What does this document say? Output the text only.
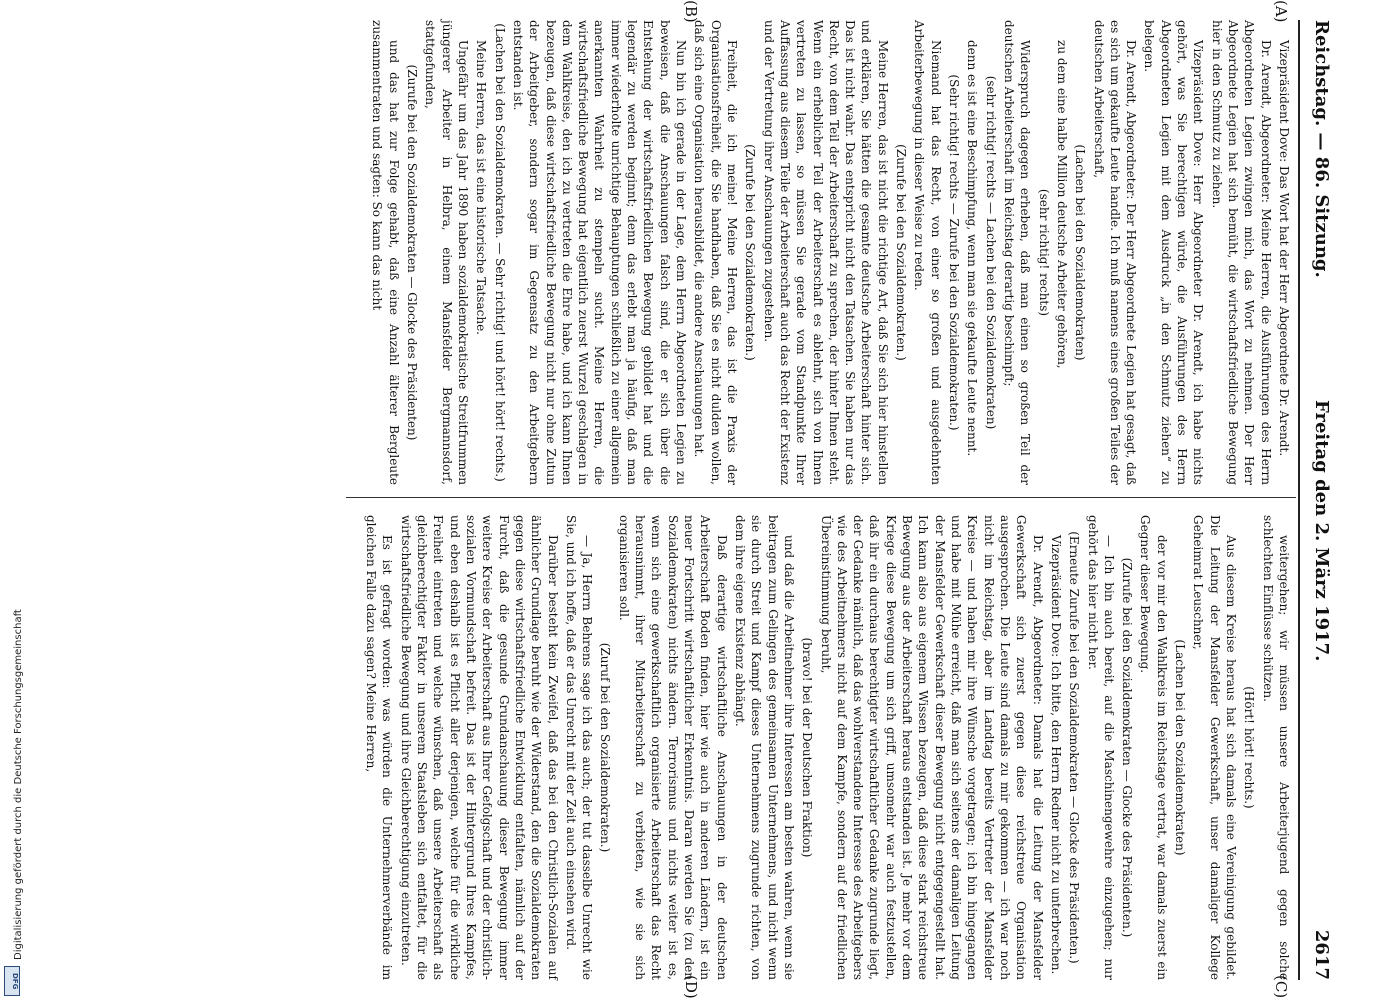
Reichstag. — 86. Sitzung.
Freitag den 2. März 1917.
2617
(A)
(B)
(C)
(D)

Vizepräsident Dove: Das Wort hat der Herr Abgeordnete Dr. Arendt.

Dr. Arendt, Abgeordneter: Meine Herren, die Ausführungen des Herrn Abgeordneten Legien zwingen mich, das Wort zu nehmen. Der Herr Abgeordnete Legien hat sich bemüht, die wirtschaftsfriedliche Bewegung hier in den Schmutz zu ziehen.

Vizepräsident Dove: Herr Abgeordneter Dr. Arendt, ich habe nichts gehört, was Sie berechtigen würde, die Ausführungen des Herrn Abgeordneten Legien mit dem Ausdruck „in den Schmutz ziehen“ zu belegen.

Dr. Arendt, Abgeordneter: Der Herr Abgeordnete Legien hat gesagt, daß es sich um gekaufte Leute handle. Ich muß namens eines großen Teiles der deutschen Arbeiterschaft,

(Lachen bei den Sozialdemokraten)

zu dem eine halbe Million deutsche Arbeiter gehören,

(sehr richtig! rechts)

Widerspruch dagegen erheben, daß man einen so großen Teil der deutschen Arbeiterschaft im Reichstag derartig beschimpft;

(sehr richtig! rechts — Lachen bei den Sozialdemokraten)

denn es ist eine Beschimpfung, wenn man sie gekaufte Leute nennt.

(Sehr richtig! rechts — Zurufe bei den Sozialdemokraten.)

Niemand hat das Recht, von einer so großen und ausgedehnten Arbeiterbewegung in dieser Weise zu reden.

(Zurufe bei den Sozialdemokraten.)

Meine Herren, das ist nicht die richtige Art, daß Sie sich hier hinstellen und erklären, Sie hätten die gesamte deutsche Arbeiterschaft hinter sich. Das ist nicht wahr. Das entspricht nicht den Tatsachen. Sie haben nur das Recht, von dem Teil der Arbeiterschaft zu sprechen, der hinter Ihnen steht. Wenn ein erheblicher Teil der Arbeiterschaft es ablehnt, sich von Ihnen vertreten zu lassen, so müssen Sie gerade vom Standpunkte Ihrer Auffassung aus diesem Teile der Arbeiterschaft auch das Recht der Existenz und der Vertretung ihrer Anschauungen zugestehen.

(Zurufe bei den Sozialdemokraten.)

Freiheit, die ich meine! Meine Herren, das ist die Praxis der Organisationsfreiheit, die Sie handhaben, daß Sie es nicht dulden wollen, daß sich eine Organisation herausbildet, die andere Anschauungen hat.

Nun bin ich gerade in der Lage, dem Herrn Abgeordneten Legien zu beweisen, daß die Anschauungen falsch sind, die er sich über die Entstehung der wirtschaftsfriedlichen Bewegung gebildet hat und die legendär zu werden beginnt; denn das erlebt man ja häufig, daß man immer wiederholte unrichtige Behauptungen schließlich zu einer allgemein anerkannten Wahrheit zu stempeln sucht. Meine Herren, die wirtschaftsfriedliche Bewegung hat eigentlich zuerst Wurzel geschlagen in dem Wahlkreise, den ich zu vertreten die Ehre habe, und ich kann Ihnen bezeugen, daß diese wirtschaftsfriedliche Bewegung nicht nur ohne Zutun der Arbeitgeber, sondern sogar im Gegensatz zu den Arbeitgebern entstanden ist.

(Lachen bei den Sozialdemokraten. — Sehr richtig! und hört! hört! rechts.)

Meine Herren, das ist eine historische Tatsache.

Ungefähr um das Jahr 1890 haben sozialdemokratische Streitfrummen jüngerer Arbeiter in Helbra, einem Mansfelder Bergmannsdorf, stattgefunden,

(Zurufe bei den Sozialdemokraten — Glocke des Präsidenten)

und das hat zur Folge gehabt, daß eine Anzahl älterer Bergleute zusammentraten und sagten: So kann das nicht

weitergehen; wir müssen unsere Arbeiterjugend gegen solche schlechten Einflüsse schützen.

(Hört! hört! rechts.)

Aus diesem Kreise heraus hat sich damals eine Vereinigung gebildet. Die Leitung der Mansfelder Gewerkschaft, unser damaliger Kollege Geheimrat Leuschner,

(Lachen bei den Sozialdemokraten)

der vor mir den Wahlkreis im Reichstage vertrat, war damals zuerst ein Gegner dieser Bewegung.

(Zurufe bei den Sozialdemokraten — Glocke des Präsidenten.)

— Ich bin auch bereit, auf die Maschinengewehre einzugehen; nur gehört das hier nicht her.

(Erneute Zurufe bei den Sozialdemokraten — Glocke des Präsidenten.)

Vizepräsident Dove: Ich bitte, den Herrn Redner nicht zu unterbrechen.

Dr. Arendt, Abgeordneter: Damals hat die Leitung der Mansfelder Gewerkschaft sich zuerst gegen diese reichstreue Organisation ausgesprochen. Die Leute sind damals zu mir gekommen — ich war noch nicht im Reichstag, aber im Landtag bereits Vertreter der Mansfelder Kreise — und haben mir ihre Wünsche vorgetragen; ich bin hingegangen und habe mit Mühe erreicht, daß man sich seitens der damaligen Leitung der Mansfelder Gewerkschaft dieser Bewegung nicht entgegengestellt hat. Ich kann also aus eigenem Wissen bezeugen, daß diese stark reichstreue Bewegung aus der Arbeiterschaft heraus entstanden ist. Je mehr vor dem Kriege diese Bewegung um sich griff, umsomehr war auch festzustellen, daß ihr ein durchaus berechtigter wirtschaftlicher Gedanke zugrunde liegt, der Gedanke nämlich, daß das wohlverstandene Interesse des Arbeitgebers wie des Arbeitnehmers nicht auf dem Kampfe, sondern auf der friedlichen Übereinstimmung beruht,

(bravo! bei der Deutschen Fraktion)

und daß die Arbeitnehmer ihre Interessen am besten wahren, wenn sie beitragen zum Gelingen des gemeinsamen Unternehmens, und nicht wenn sie durch Streit und Kampf dieses Unternehmens zugrunde richten, von dem ihre eigene Existenz abhängt.

Daß derartige wirtschaftliche Anschauungen in der deutschen Arbeiterschaft Boden finden, hier wie auch in anderen Ländern, ist ein neuer Fortschritt wirtschaftlicher Erkenntnis. Daran werden Sie (zu den Sozialdemokraten) nichts ändern. Terrorismus und nichts weiter ist es, wenn sich eine gewerkschaftlich organisierte Arbeiterschaft das Recht herausnimmt, ihrer Mitarbeiterschaft zu verbieten, wie sie sich organisieren soll.

(Zuruf bei den Sozialdemokraten.)

— Ja, Herrn Behrens sage ich das auch; der tut dasselbe Unrecht wie Sie, und ich hoffe, daß er das Unrecht mit der Zeit auch einsehen wird.

Darüber besteht kein Zweifel, daß das bei den Christlich-Sozialen auf ähnlicher Grundlage beruht wie der Widerstand, den die Sozialdemokraten gegen diese wirtschaftsfriedliche Entwicklung entfalten, nämlich auf der Furcht, daß die gesunde Grundanschauung dieser Bewegung immer weitere Kreise der Arbeiterschaft aus Ihrer Gefolgschaft und der christlich-sozialen Vormundschaft befreit. Das ist der Hintergrund Ihres Kampfes, und eben deshalb ist es Pflicht aller derjenigen, welche für die wirkliche Freiheit eintreten und welche wünschen, daß unsere Arbeiterschaft als gleichberechtigter Faktor in unserem Staatsleben sich entfaltet, für die wirtschaftsfriedliche Bewegung und ihre Gleichberechtigung einzutreten.

Es ist gefragt worden: was würden die Unternehmerverbände im gleichen Falle dazu sagen? Meine Herren,

Digitalisierung gefördert durch die Deutsche Forschungsgemeinschaft
DFG
